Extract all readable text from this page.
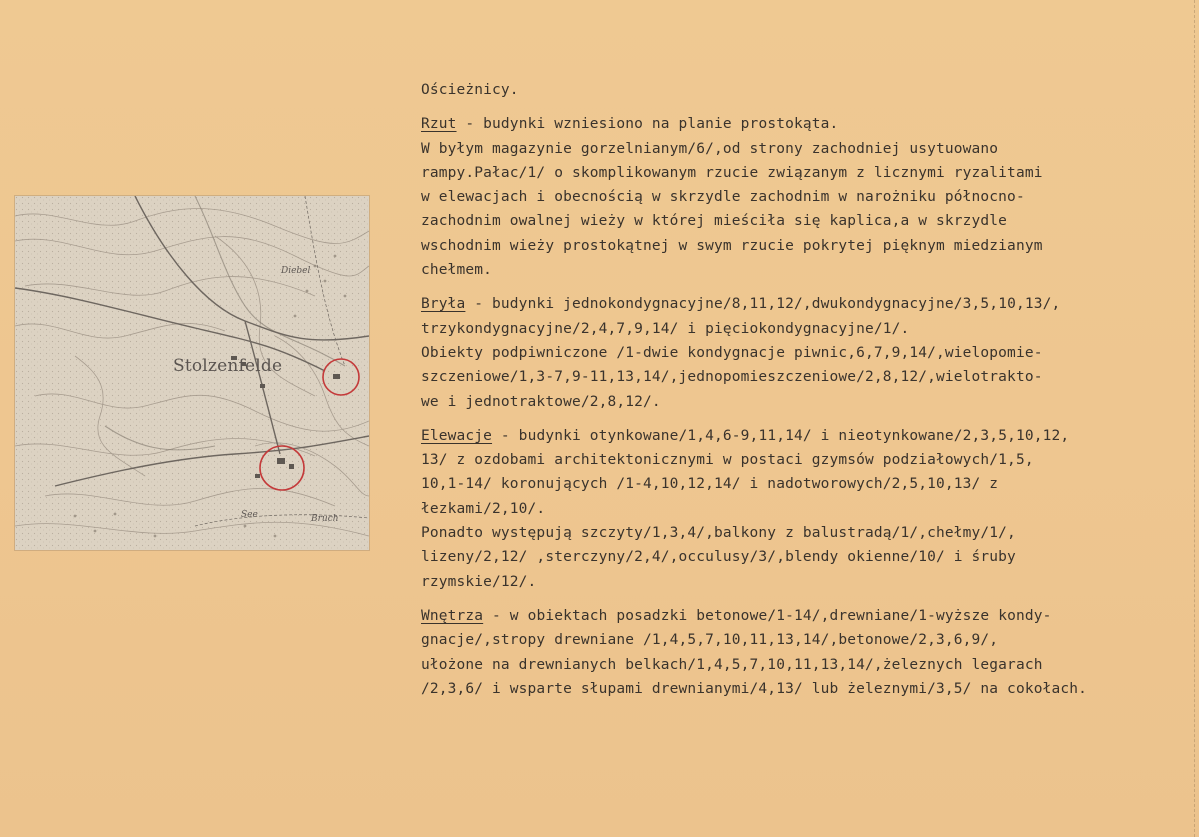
Stolzenfelde
Diebel
See	Bruch
Ościeżnicy.
Rzut - budynki wzniesiono na planie prostokąta.
W byłym magazynie gorzelnianym/6/,od strony zachodniej usytuowano
rampy.Pałac/1/ o skomplikowanym rzucie związanym z licznymi ryzalitami
w elewacjach i obecnością w skrzydle zachodnim w narożniku północno-
zachodnim owalnej wieży w której mieściła się kaplica,a w skrzydle
wschodnim wieży prostokątnej w swym rzucie pokrytej pięknym miedzianym
chełmem.
Bryła - budynki jednokondygnacyjne/8,11,12/,dwukondygnacyjne/3,5,10,13/,
trzykondygnacyjne/2,4,7,9,14/ i pięciokondygnacyjne/1/.
Obiekty podpiwniczone /1-dwie kondygnacje piwnic,6,7,9,14/,wielopomie-
szczeniowe/1,3-7,9-11,13,14/,jednopomieszczeniowe/2,8,12/,wielotrakto-
we i jednotraktowe/2,8,12/.
Elewacje - budynki otynkowane/1,4,6-9,11,14/ i nieotynkowane/2,3,5,10,12,
13/ z ozdobami architektonicznymi w postaci gzymsów podziałowych/1,5,
10,1-14/ koronujących /1-4,10,12,14/ i nadotworowych/2,5,10,13/ z
łezkami/2,10/.
Ponadto występują szczyty/1,3,4/,balkony z balustradą/1/,chełmy/1/,
lizeny/2,12/ ,sterczyny/2,4/,occulusy/3/,blendy okienne/10/ i śruby
rzymskie/12/.
Wnętrza - w obiektach posadzki betonowe/1-14/,drewniane/1-wyższe kondy-
gnacje/,stropy drewniane /1,4,5,7,10,11,13,14/,betonowe/2,3,6,9/,
ułożone na drewnianych belkach/1,4,5,7,10,11,13,14/,żeleznych legarach
/2,3,6/ i wsparte słupami drewnianymi/4,13/ lub żeleznymi/3,5/ na cokołach.
